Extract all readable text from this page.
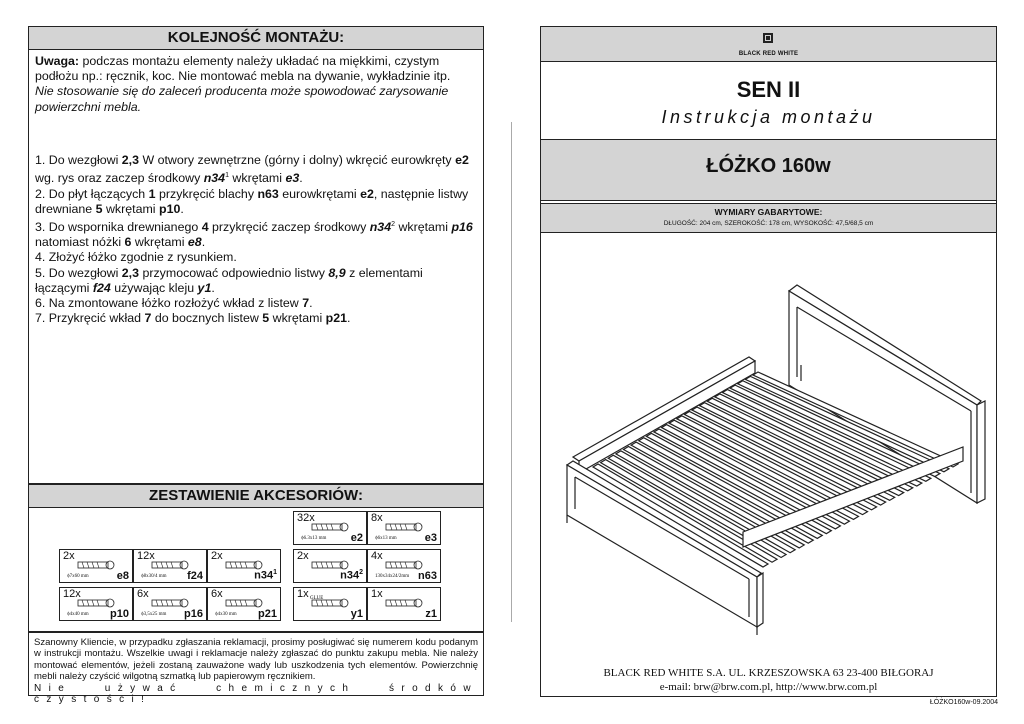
KOLEJNOŚĆ MONTAŻU:

Uwaga: podczas montażu elementy należy układać na miękkimi, czystym podłożu np.: ręcznik, koc. Nie montować mebla na dywanie, wykładzinie itp.

Nie stosowanie się do zaleceń producenta może spowodować zarysowanie powierzchni mebla.

1. Do wezgłowi 2,3 W otwory zewnętrzne (górny i dolny) wkręcić eurowkręty e2 wg. rys oraz zaczep środkowy $n34^1$ wkrętami e3.

2. Do płyt łączących 1 przykręcić blachy n63 eurowkrętami e2, następnie listwy drewniane 5 wkrętami p10.

3. Do wspornika drewnianego 4 przykręcić zaczep środkowy $n34^2$ wkrętami p16 natomiast nóżki 6 wkrętami e8.

4. Złożyć łóżko zgodnie z rysunkiem.

5. Do wezgłowi 2,3 przymocować odpowiednio listwy 8,9 z elementami łączącymi f24 używając kleju y1.

6. Na zmontowane łóżko rozłożyć wkład z listew 7.

7. Przykręcić wkład 7 do bocznych listew 5 wkrętami p21.

ZESTAWIENIE AKCESORIÓW:
32x
ϕ6.3x13 mm e2
8x
ϕ6x13 mm	e3
2x
ϕ7x60 mm	e8
12x
ϕ8x30/4 mm f24
2x
$n34^1$
2x
$n34^2$
4x
130x34x24/2mm n63
12x
ϕ4x40 mm p10
6x
ϕ3,5x25 mm p16
6x
ϕ4x30 mm p21
1x GLUE
y1
1x
z1
Szanowny Kliencie, w przypadku zgłaszania reklamacji, prosimy posługiwać się numerem kodu podanym w instrukcji montażu. Wszelkie uwagi i reklamacje należy zgłaszać do punktu zakupu mebla. Nie należy montować elementów, jeżeli zostaną zauważone wady lub uszkodzenia tych elementów. Powierzchnię mebli należy czyścić wilgotną szmatką lub papierowym ręcznikiem.
Nie używać chemicznych środków czystości!
BLACK RED WHITE
SEN II
Instrukcja montażu
ŁÓŻKO 160w
WYMIARY GABARYTOWE:
DŁUGOŚĆ: 204 cm, SZEROKOŚĆ: 178 cm, WYSOKOŚĆ: 47,5/68,5 cm
BLACK RED WHITE S.A. UL. KRZESZOWSKA 63 23-400 BIŁGORAJ
e-mail: brw@brw.com.pl, http://www.brw.com.pl
ŁÓŻKO160w-09.2004
